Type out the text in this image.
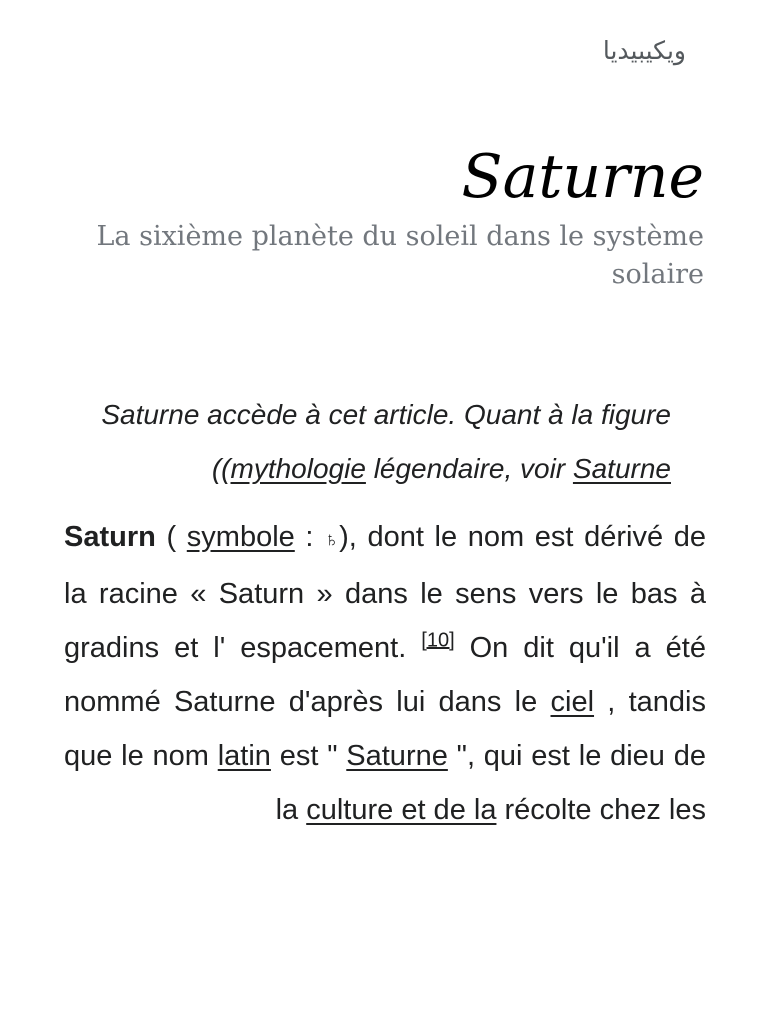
ويكيبيديا
Saturne
La sixième planète du soleil dans le système solaire

Saturne accède à cet article. Quant à la figure légendaire, voir Saturne ((mythologie

Saturn ( symbole : ♄), dont le nom est dérivé de la racine « Saturn » dans le sens vers le bas à gradins et l' espacement. [10] On dit qu'il a été nommé Saturne d'après lui dans le ciel , tandis que le nom latin est " Saturne ", qui est le dieu de la culture et de la récolte chez les
